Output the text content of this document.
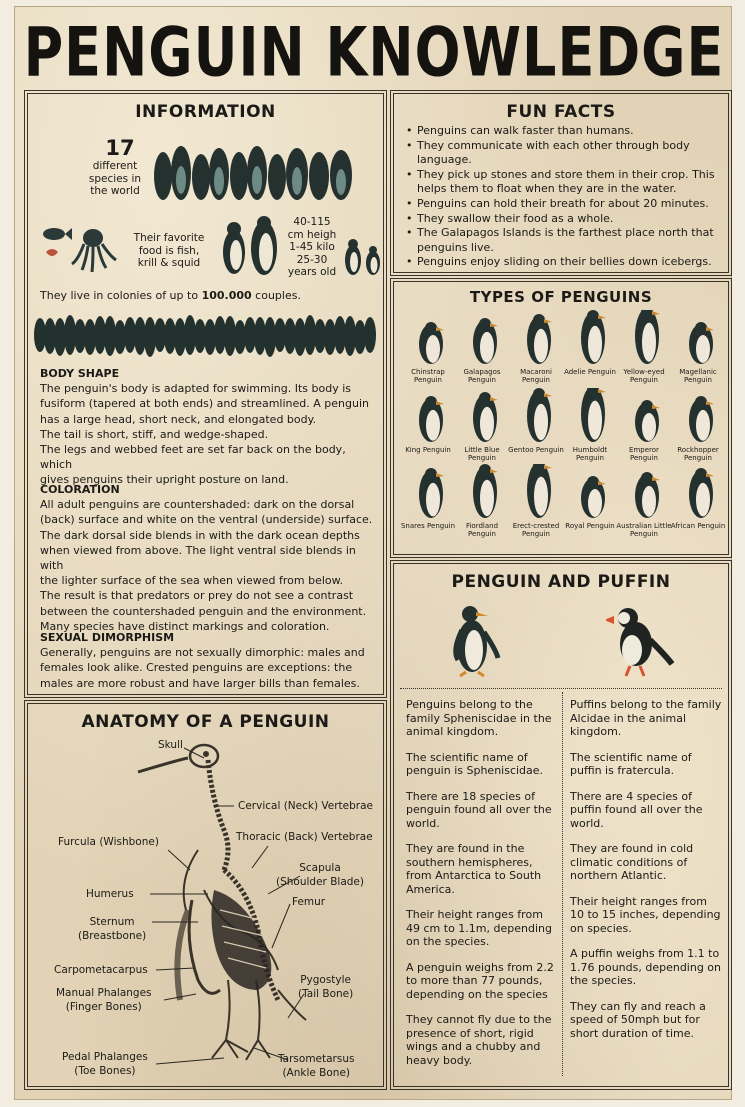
PENGUIN KNOWLEDGE
INFORMATION
17
different
species in
the world
Their favorite
food is fish,
krill & squid
40-115
cm heigh
1-45 kilo
25-30
years old
They live in colonies of up to 100.000 couples.
BODY SHAPE
The penguin's body is adapted for swimming. Its body is
fusiform (tapered at both ends) and streamlined. A penguin
has a large head, short neck, and elongated body.
The tail is short, stiff, and wedge-shaped.
The legs and webbed feet are set far back on the body, which
gives penguins their upright posture on land.
COLORATION
All adult penguins are countershaded: dark on the dorsal
(back) surface and white on the ventral (underside) surface.
The dark dorsal side blends in with the dark ocean depths
when viewed from above. The light ventral side blends in with
the lighter surface of the sea when viewed from below.
The result is that predators or prey do not see a contrast
between the countershaded penguin and the environment.
Many species have distinct markings and coloration.
SEXUAL DIMORPHISM
Generally, penguins are not sexually dimorphic: males and
females look alike. Crested penguins are exceptions: the
males are more robust and have larger bills than females.
FUN FACTS
• Penguins can walk faster than humans.
• They communicate with each other through body language.
• They pick up stones and store them in their crop. This helps them to float when they are in the water.
• Penguins can hold their breath for about 20 minutes.
• They swallow their food as a whole.
• The Galapagos Islands is the farthest place north that penguins live.
• Penguins enjoy sliding on their bellies down icebergs.
TYPES OF PENGUINS
Chinstrap Penguin
Galapagos Penguin
Macaroni Penguin
Adelie Penguin	Yellow-eyed Penguin
Magellanic Penguin
King Penguin	Little Blue Penguin
Gentoo Penguin	Humboldt Penguin
Emperor Penguin
Rockhopper Penguin
Snares Penguin	Fiordland Penguin
Erect-crested Penguin
Royal Penguin Australian Little Penguin
African Penguin
ANATOMY OF A PENGUIN
Skull
Cervical (Neck) Vertebrae
Furcula (Wishbone)	Thoracic (Back) Vertebrae
Scapula
(Shoulder Blade)
Humerus
Femur
Sternum
(Breastbone)
Carpometacarpus
Pygostyle
(Tail Bone)
Manual Phalanges
(Finger Bones)
Pedal Phalanges
(Toe Bones)
Tarsometarsus
(Ankle Bone)
PENGUIN AND PUFFIN

Penguins belong to the family Spheniscidae in the animal kingdom.

The scientific name of penguin is Spheniscidae.

There are 18 species of penguin found all over the world.

They are found in the southern hemispheres, from Antarctica to South America.

Their height ranges from 49 cm to 1.1m, depending on the species.

A penguin weighs from 2.2 to more than 77 pounds, depending on the species

They cannot fly due to the presence of short, rigid wings and a chubby and heavy body.

Puffins belong to the family Alcidae in the animal kingdom.

The scientific name of puffin is fratercula.

There are 4 species of puffin found all over the world.

They are found in cold climatic conditions of northern Atlantic.

Their height ranges from 10 to 15 inches, depending on species.

A puffin weighs from 1.1 to 1.76 pounds, depending on the species.

They can fly and reach a speed of 50mph but for short duration of time.
